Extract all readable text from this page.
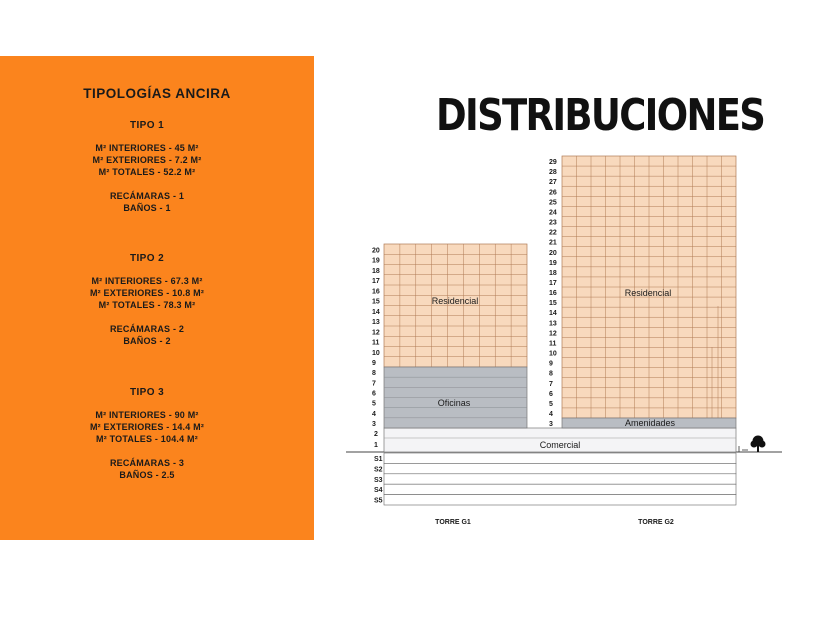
TIPOLOGÍAS ANCIRA
TIPO 1
M² INTERIORES - 45 M²
M² EXTERIORES - 7.2 M²
M² TOTALES - 52.2 M²
RECÁMARAS - 1
BAÑOS - 1
TIPO 2
M² INTERIORES - 67.3 M²
M² EXTERIORES - 10.8 M²
M² TOTALES - 78.3 M²
RECÁMARAS - 2
BAÑOS - 2
TIPO 3
M² INTERIORES - 90 M²
M² EXTERIORES - 14.4 M²
M² TOTALES - 104.4 M²
RECÁMARAS - 3
BAÑOS - 2.5
DISTRIBUCIONES
S1
S2
S3
S4
S5
Comercial
2
1
9
10
11
12
13
14
15
16
17
18
19
20
Residencial
3
4
5
6
7
8
Oficinas
TORRE G1
4
5
6
7
8
9
10
11
12
13
14
15
16
17
18
19
20
21
22
23
24
25
26
27
28
29
Residencial
3	Amenidades
TORRE G2
